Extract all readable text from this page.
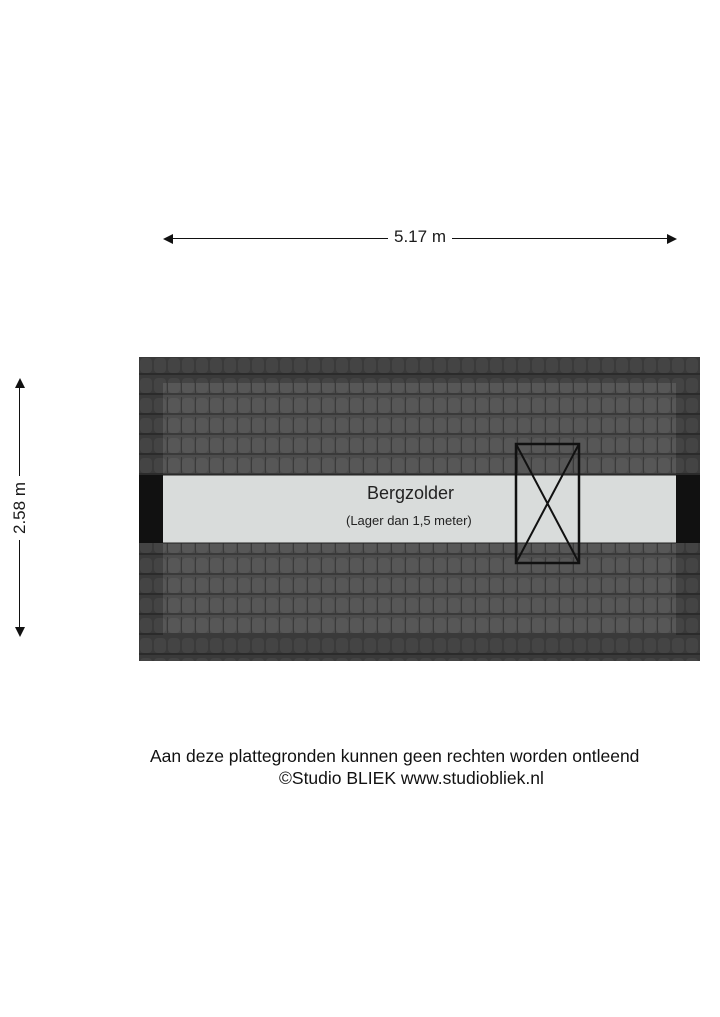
5.17 m
2.58 m	Bergzolder
(Lager dan 1,5 meter)
Aan deze plattegronden kunnen geen rechten worden ontleend
©Studio BLIEK www.studiobliek.nl
